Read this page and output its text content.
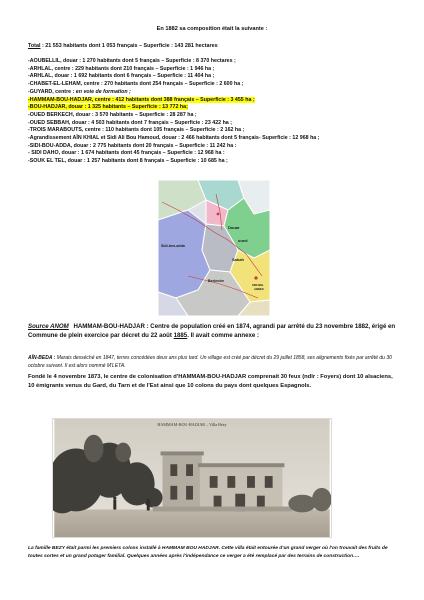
En 1882 sa composition était la suivante :
Total : 21 553 habitants dont 1 053 français – Superficie : 143 281 hectares
-AOUBELLIL, douar : 1 270 habitants dont 5 français – Superficie : 8 370 hectares ;
-ARHLAL, centre : 229 habitants dont 210 français – Superficie : 1 946 ha ;
-ARHLAL, douar : 1 692 habitants dont 6 français – Superficie : 11 404 ha ;
-CHABET-EL-LEHAM, centre : 270 habitants dont 254 français – Superficie : 2 600 ha ;
-GUYARD, centre : en voie de formation ;
-HAMMAM-BOU-HADJAR, centre : 412 habitants dont 388 français – Superficie : 3 455 ha ;
-BOU-HADJAR, douar : 1 325 habitants – Superficie : 13 772 ha;
-OUED BERKECH, douar : 3 570 habitants – Superficie : 28 287 ha ;
-OUED SEBBAH, douar : 4 503 habitants dont 7 français – Superficie : 23 422 ha ;
-TROIS MARABOUTS, centre : 110 habitants dont 105 français – Superficie : 2 162 ha ;
-Agrandissement AÏN KHIAL et Sidi Ali Bou Hamoud, douar : 2 466 habitants dont 5 français- Superficie : 12 968 ha ;
-SIDI-BOU-ADDA, douar : 2 775 habitants dont 20 français – Superficie : 11 242 ha :
- SIDI DAHO, douar : 1 674 habitants dont 45 français – Superficie : 12 968 ha :
-SOUK EL TEL, douar : 1 257 habitants dont 8 français – Superficie : 10 685 ha ;
Douar
oued
Sabah
Sidi-ben-adda
Berkeche
SIDI BEL
ABBES
Source ANOM HAMMAM-BOU-HADJAR : Centre de population créé en 1874, agrandi par arrêté du 23 novembre 1882, érigé en Commune de plein exercice par décret du 22 août 1885. Il avait comme annexe :
AÏN-BEDA : Marais desséché en 1847, terres concédées deux ans plus tard. Un village est créé par décret du 29 juillet 1858, ses alignements fixés par arrêté du 30 octobre suivant. Il est alors nommé M'LETA.
Fondé le 4 novembre 1873, le centre de colonisation d'HAMMAM-BOU-HADJAR comprenait 30 feux (ndlr : Foyers) dont 10 alsaciens, 10 émigrants venus du Gard, du Tarn et de l'Est ainsi que 10 colons du pays dont quelques Espagnols.
HAMMAM-BOU-HADJAR – Villa Bézy
La famille BEZY était parmi les premiers colons installé à HAMMAM BOU HADJAR. Cette villa était entourée d'un grand verger où l'on trouvait des fruits de toutes sortes et un grand potager familial. Quelques années après l'indépendance ce verger a été remplacé par des terrains de construction….
